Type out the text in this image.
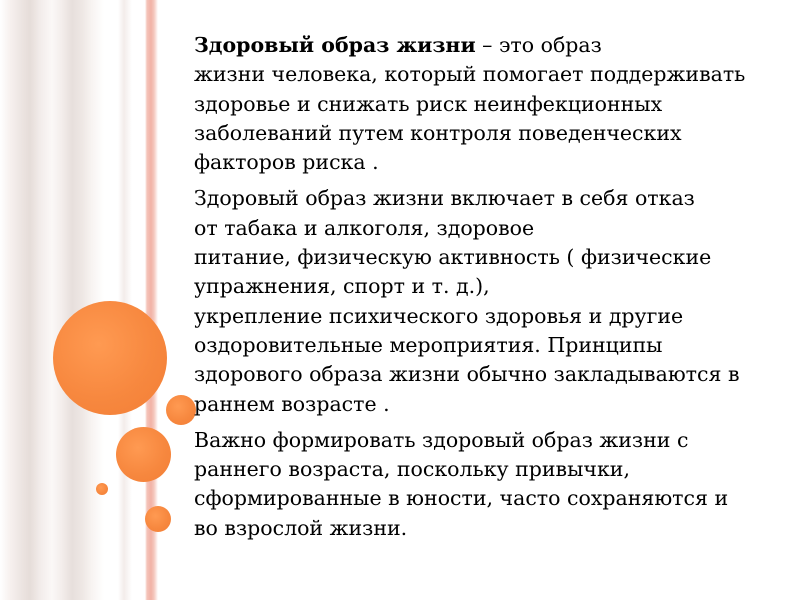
Здоровый образ жизни – это образ
жизни человека, который помогает поддерживать
здоровье и снижать риск неинфекционных
заболеваний путем контроля поведенческих
факторов риска .
Здоровый образ жизни включает в себя отказ
от табака и алкоголя, здоровое
питание, физическую активность ( физические
упражнения, спорт и т. д.),
укрепление психического здоровья и другие
оздоровительные мероприятия. Принципы
здорового образа жизни обычно закладываются в
раннем возрасте .
Важно формировать здоровый образ жизни с
раннего возраста, поскольку привычки,
сформированные в юности, часто сохраняются и
во взрослой жизни.
